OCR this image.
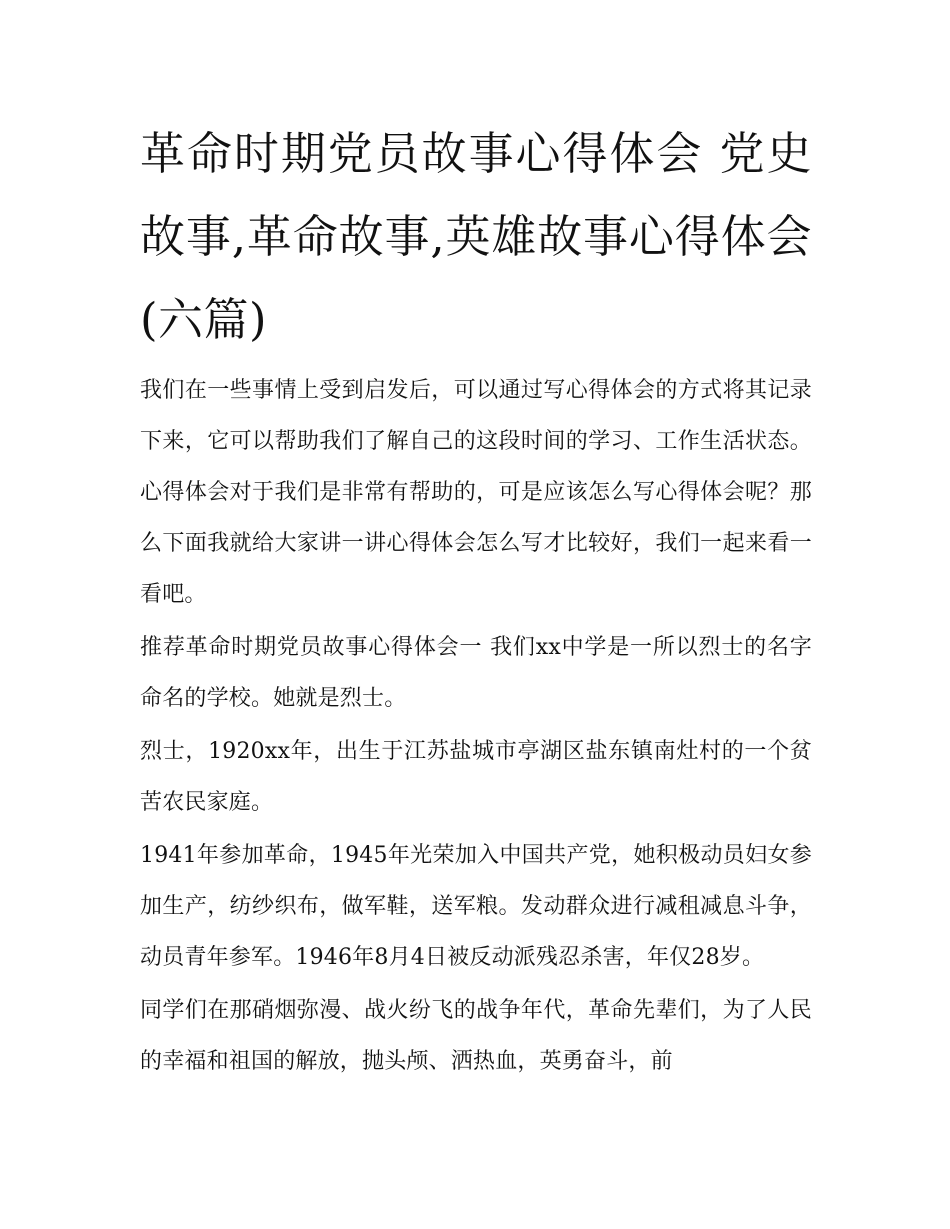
革命时期党员故事心得体会 党史故事,革命故事,英雄故事心得体会(六篇)

我们在一些事情上受到启发后，可以通过写心得体会的方式将其记录下来，它可以帮助我们了解自己的这段时间的学习、工作生活状态。心得体会对于我们是非常有帮助的，可是应该怎么写心得体会呢？那么下面我就给大家讲一讲心得体会怎么写才比较好，我们一起来看一看吧。

推荐革命时期党员故事心得体会一 我们xx中学是一所以烈士的名字命名的学校。她就是烈士。

烈士，1920xx年，出生于江苏盐城市亭湖区盐东镇南灶村的一个贫苦农民家庭。

1941年参加革命，1945年光荣加入中国共产党，她积极动员妇女参加生产，纺纱织布，做军鞋，送军粮。发动群众进行减租减息斗争，动员青年参军。1946年8月4日被反动派残忍杀害，年仅28岁。

同学们在那硝烟弥漫、战火纷飞的战争年代，革命先辈们，为了人民的幸福和祖国的解放，抛头颅、洒热血，英勇奋斗，前
